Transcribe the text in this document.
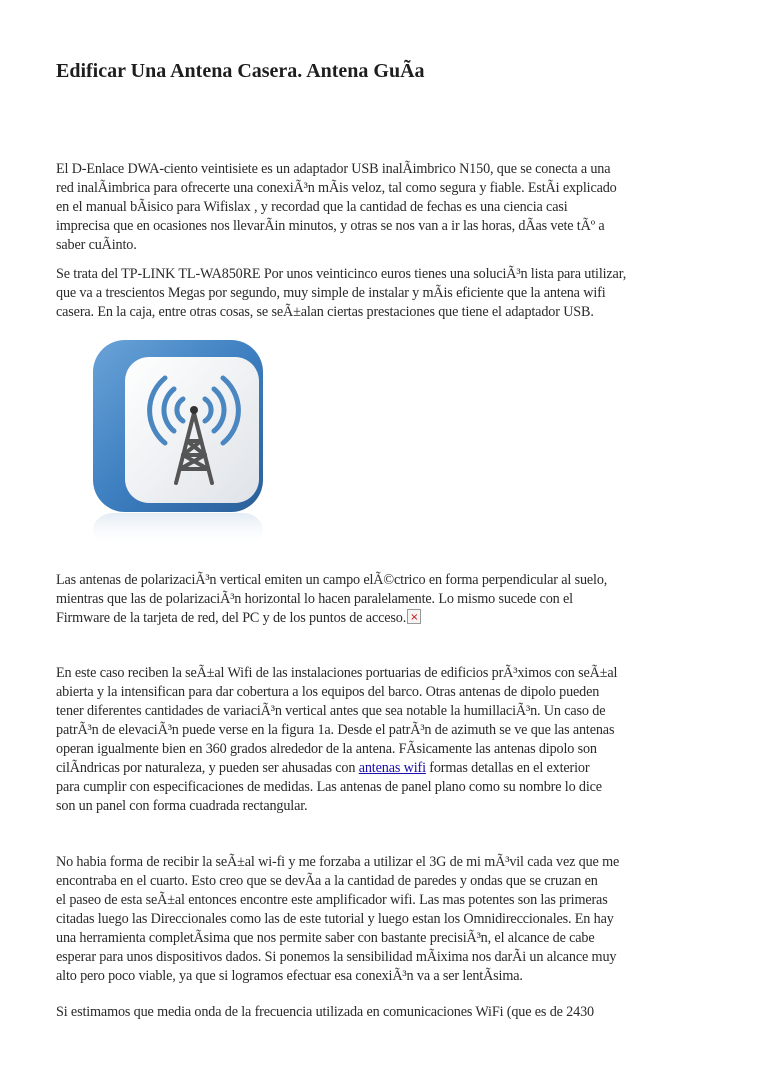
Edificar Una Antena Casera. Antena GuÃa
El D-Enlace DWA-ciento veintisiete es un adaptador USB inalÃimbrico N150, que se conecta a una
red inalÃimbrica para ofrecerte una conexiÃ³n mÃis veloz, tal como segura y fiable. EstÃi explicado
en el manual bÃisico para Wifislax , y recordad que la cantidad de fechas es una ciencia casi
imprecisa que en ocasiones nos llevarÃin minutos, y otras se nos van a ir las horas, dÃas vete tÃº a
saber cuÃinto.
Se trata del TP-LINK TL-WA850RE Por unos veinticinco euros tienes una soluciÃ³n lista para utilizar,
que va a trescientos Megas por segundo, muy simple de instalar y mÃis eficiente que la antena wifi
casera. En la caja, entre otras cosas, se seÃ±alan ciertas prestaciones que tiene el adaptador USB.
Las antenas de polarizaciÃ³n vertical emiten un campo elÃ©ctrico en forma perpendicular al suelo,
mientras que las de polarizaciÃ³n horizontal lo hacen paralelamente. Lo mismo sucede con el
Firmware de la tarjeta de red, del PC y de los puntos de acceso. ×
En este caso reciben la seÃ±al Wifi de las instalaciones portuarias de edificios prÃ³ximos con seÃ±al
abierta y la intensifican para dar cobertura a los equipos del barco. Otras antenas de dipolo pueden
tener diferentes cantidades de variaciÃ³n vertical antes que sea notable la humillaciÃ³n. Un caso de
patrÃ³n de elevaciÃ³n puede verse en la figura 1a. Desde el patrÃ³n de azimuth se ve que las antenas
operan igualmente bien en 360 grados alrededor de la antena. FÃsicamente las antenas dipolo son
cilÃndricas por naturaleza, y pueden ser ahusadas con antenas wifi formas detallas en el exterior
para cumplir con especificaciones de medidas. Las antenas de panel plano como su nombre lo dice
son un panel con forma cuadrada rectangular.
No habia forma de recibir la seÃ±al wi-fi y me forzaba a utilizar el 3G de mi mÃ³vil cada vez que me
encontraba en el cuarto. Esto creo que se devÃa a la cantidad de paredes y ondas que se cruzan en
el paseo de esta seÃ±al entonces encontre este amplificador wifi. Las mas potentes son las primeras
citadas luego las Direccionales como las de este tutorial y luego estan los Omnidireccionales. En hay
una herramienta completÃsima que nos permite saber con bastante precisiÃ³n, el alcance de cabe
esperar para unos dispositivos dados. Si ponemos la sensibilidad mÃixima nos darÃi un alcance muy
alto pero poco viable, ya que si logramos efectuar esa conexiÃ³n va a ser lentÃsima.
Si estimamos que media onda de la frecuencia utilizada en comunicaciones WiFi (que es de 2430
